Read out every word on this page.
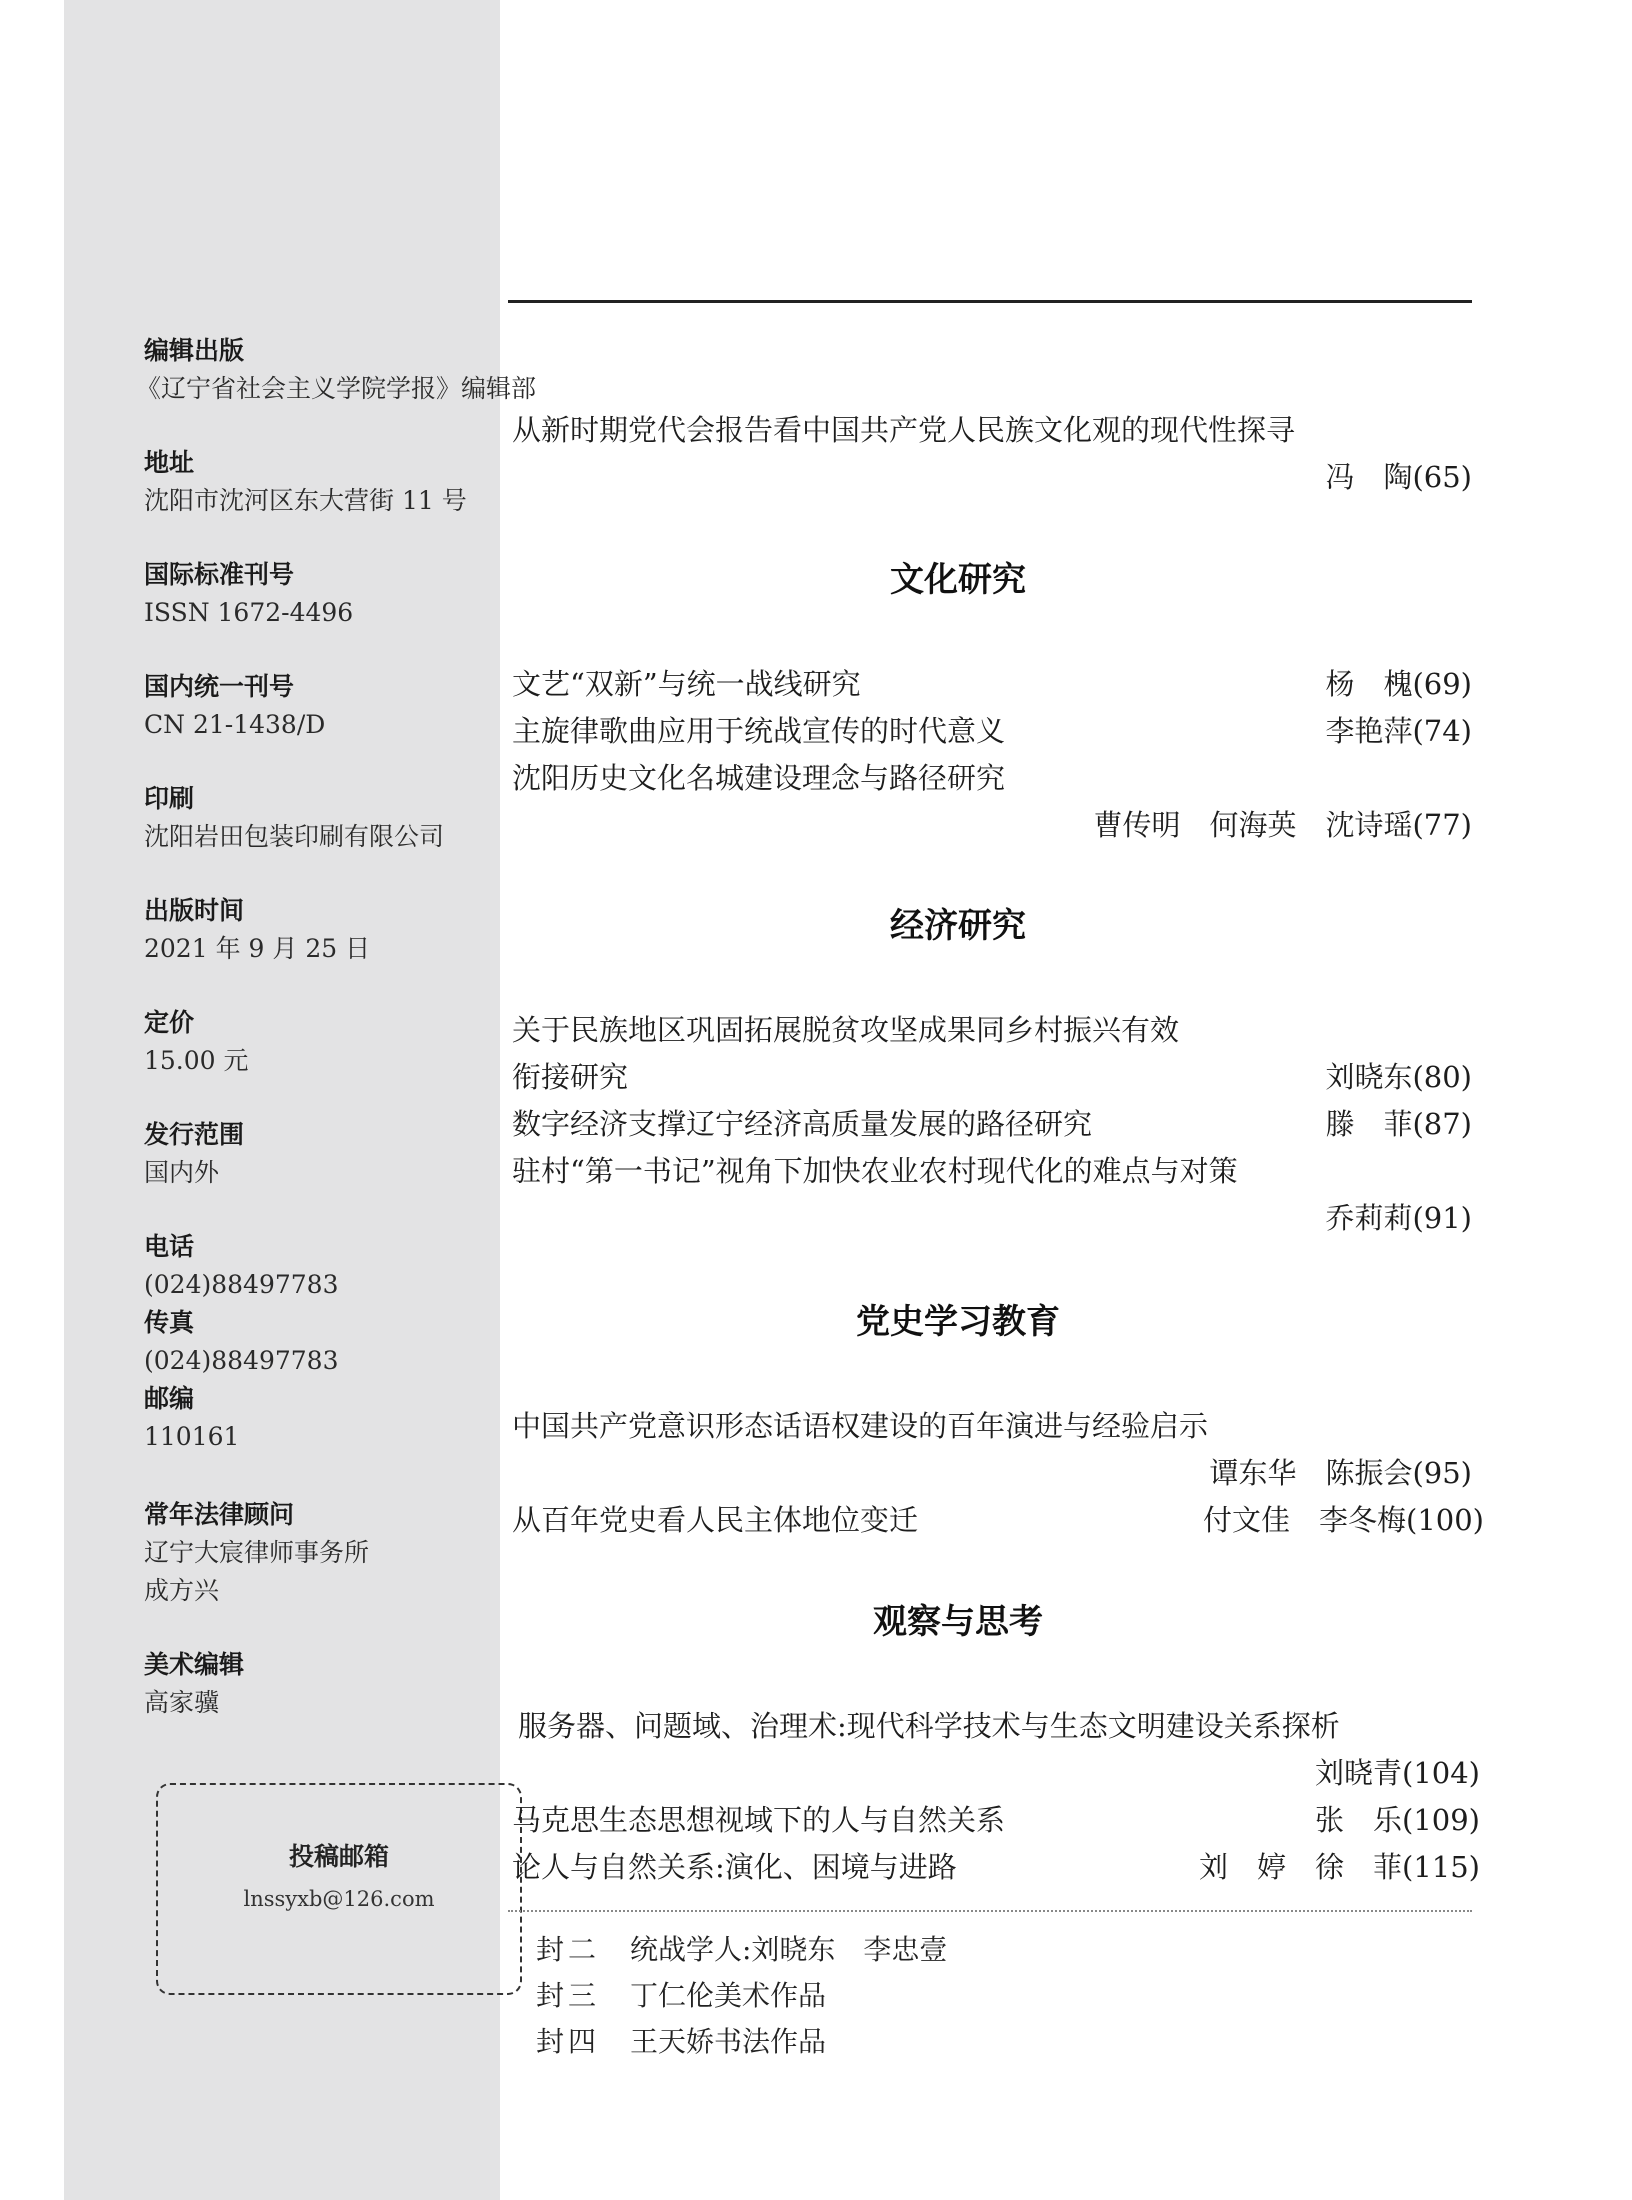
编辑出版
《辽宁省社会主义学院学报》编辑部
地址
沈阳市沈河区东大营街 11 号
国际标准刊号
ISSN 1672-4496
国内统一刊号
CN 21-1438/D
印刷
沈阳岩田包装印刷有限公司
出版时间
2021 年 9 月 25 日
定价
15.00 元
发行范围
国内外
电话
(024)88497783
传真
(024)88497783
邮编
110161
常年法律顾问
辽宁大宸律师事务所
成方兴
美术编辑
高家骥
投稿邮箱
lnssyxb@126.com
从新时期党代会报告看中国共产党人民族文化观的现代性探寻
冯　陶(65)
文化研究
文艺“双新”与统一战线研究	杨　槐(69)
主旋律歌曲应用于统战宣传的时代意义	李艳萍(74)
沈阳历史文化名城建设理念与路径研究
曹传明　何海英　沈诗瑶(77)
经济研究
关于民族地区巩固拓展脱贫攻坚成果同乡村振兴有效
衔接研究	刘晓东(80)
数字经济支撑辽宁经济高质量发展的路径研究	滕　菲(87)
驻村“第一书记”视角下加快农业农村现代化的难点与对策
乔莉莉(91)
党史学习教育
中国共产党意识形态话语权建设的百年演进与经验启示
谭东华　陈振会(95)
从百年党史看人民主体地位变迁	付文佳　李冬梅(100)
观察与思考
服务器、问题域、治理术:现代科学技术与生态文明建设关系探析
刘晓青(104)
马克思生态思想视域下的人与自然关系	张　乐(109)
论人与自然关系:演化、困境与进路	刘　婷　徐　菲(115)
封二 统战学人:刘晓东　李忠壹
封三 丁仁伦美术作品
封四 王天娇书法作品
